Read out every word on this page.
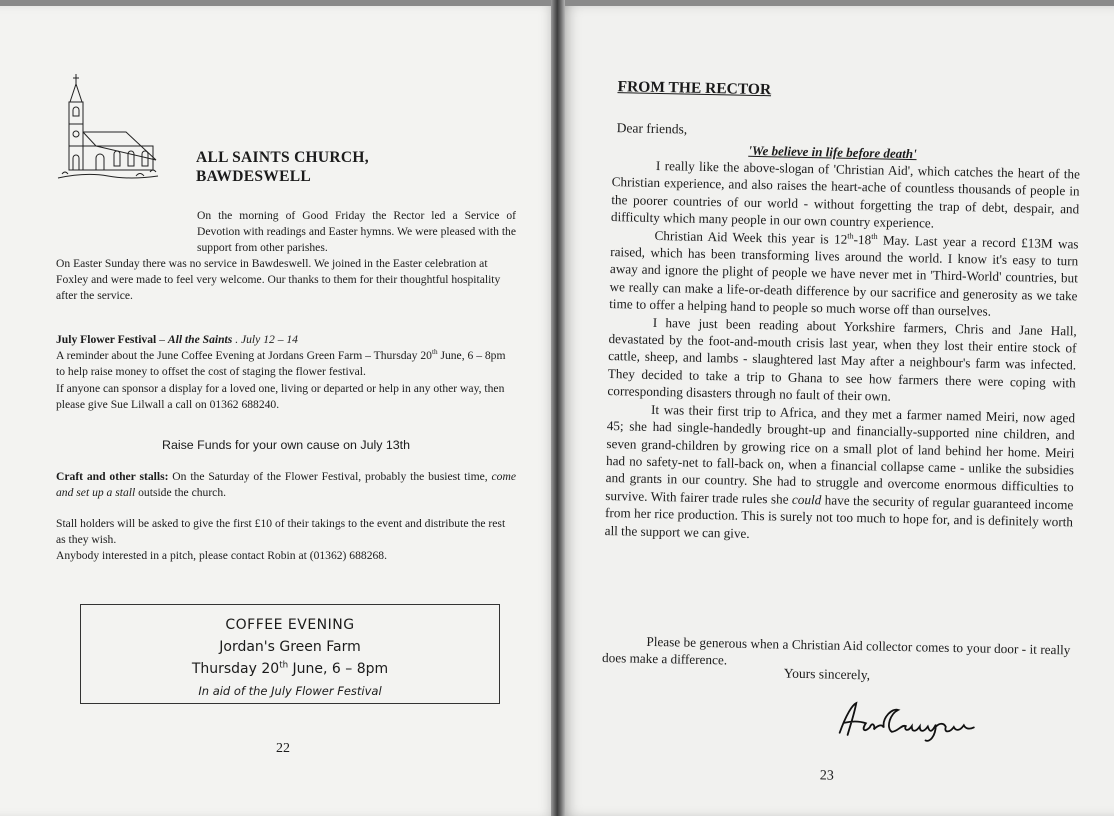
ALL SAINTS CHURCH,
BAWDESWELL

On the morning of Good Friday the Rector led a Service of Devotion with readings and Easter hymns. We were pleased with the support from other parishes.

On Easter Sunday there was no service in Bawdeswell. We joined in the Easter celebration at Foxley and were made to feel very welcome. Our thanks to them for their thoughtful hospitality after the service.

July Flower Festival – All the Saints . July 12 – 14

A reminder about the June Coffee Evening at Jordans Green Farm – Thursday 20th June, 6 – 8pm to help raise money to offset the cost of staging the flower festival.

If anyone can sponsor a display for a loved one, living or departed or help in any other way, then please give Sue Lilwall a call on 01362 688240.

Raise Funds for your own cause on July 13th

Craft and other stalls: On the Saturday of the Flower Festival, probably the busiest time, come and set up a stall outside the church.

Stall holders will be asked to give the first £10 of their takings to the event and distribute the rest as they wish.

Anybody interested in a pitch, please contact Robin at (01362) 688268.

COFFEE EVENING
Jordan's Green Farm
Thursday 20th June, 6 – 8pm
In aid of the July Flower Festival
22
FROM THE RECTOR
Dear friends,
'We believe in life before death'

I really like the above-slogan of 'Christian Aid', which catches the heart of the Christian experience, and also raises the heart-ache of countless thousands of people in the poorer countries of our world - without forgetting the trap of debt, despair, and difficulty which many people in our own country experience.

Christian Aid Week this year is 12th-18th May. Last year a record £13M was raised, which has been transforming lives around the world. I know it's easy to turn away and ignore the plight of people we have never met in 'Third-World' countries, but we really can make a life-or-death difference by our sacrifice and generosity as we take time to offer a helping hand to people so much worse off than ourselves.

I have just been reading about Yorkshire farmers, Chris and Jane Hall, devastated by the foot-and-mouth crisis last year, when they lost their entire stock of cattle, sheep, and lambs - slaughtered last May after a neighbour's farm was infected. They decided to take a trip to Ghana to see how farmers there were coping with corresponding disasters through no fault of their own.

It was their first trip to Africa, and they met a farmer named Meiri, now aged 45; she had single-handedly brought-up and financially-supported nine children, and seven grand-children by growing rice on a small plot of land behind her home. Meiri had no safety-net to fall-back on, when a financial collapse came - unlike the subsidies and grants in our country. She had to struggle and overcome enormous difficulties to survive. With fairer trade rules she could have the security of regular guaranteed income from her rice production. This is surely not too much to hope for, and is definitely worth all the support we can give.

Please be generous when a Christian Aid collector comes to your door - it really does make a difference.

Yours sincerely,
23
